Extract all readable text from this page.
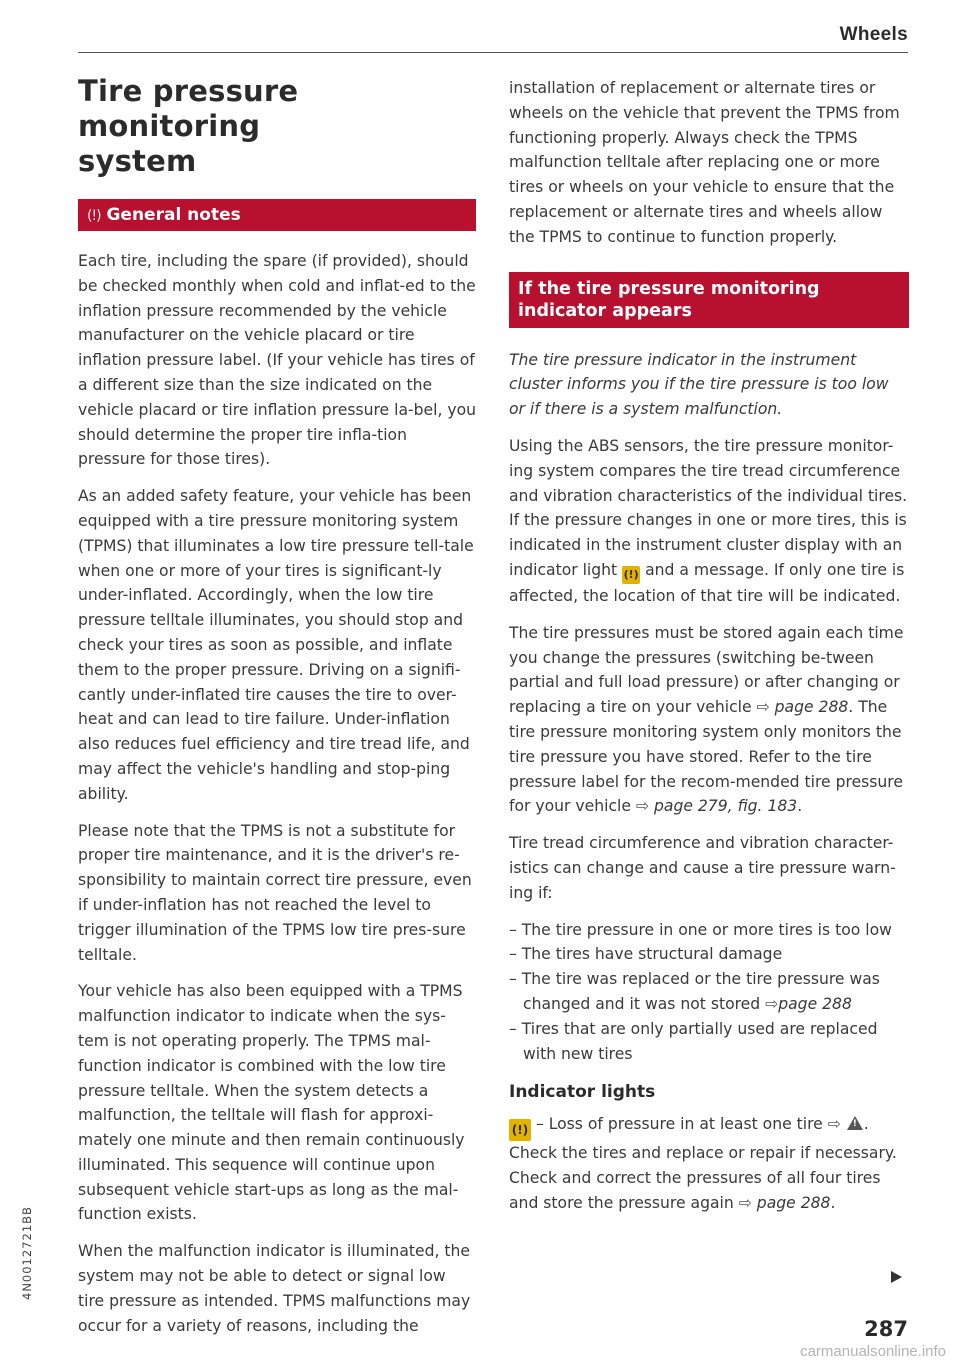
Wheels
Tire pressure monitoring
system
(!) General notes

Each tire, including the spare (if provided), should be checked monthly when cold and inflat-ed to the inflation pressure recommended by the vehicle manufacturer on the vehicle placard or tire inflation pressure label. (If your vehicle has tires of a different size than the size indicated on the vehicle placard or tire inflation pressure la-bel, you should determine the proper tire infla-tion pressure for those tires).

As an added safety feature, your vehicle has been equipped with a tire pressure monitoring system (TPMS) that illuminates a low tire pressure tell-tale when one or more of your tires is significant-ly under-inflated. Accordingly, when the low tire pressure telltale illuminates, you should stop and check your tires as soon as possible, and inflate them to the proper pressure. Driving on a signifi-cantly under-inflated tire causes the tire to over-heat and can lead to tire failure. Under-inflation also reduces fuel efficiency and tire tread life, and may affect the vehicle's handling and stop-ping ability.

Please note that the TPMS is not a substitute for proper tire maintenance, and it is the driver's re-sponsibility to maintain correct tire pressure, even if under-inflation has not reached the level to trigger illumination of the TPMS low tire pres-sure telltale.

Your vehicle has also been equipped with a TPMS malfunction indicator to indicate when the sys-tem is not operating properly. The TPMS mal-function indicator is combined with the low tire pressure telltale. When the system detects a malfunction, the telltale will flash for approxi-mately one minute and then remain continuously illuminated. This sequence will continue upon subsequent vehicle start-ups as long as the mal-function exists.

When the malfunction indicator is illuminated, the system may not be able to detect or signal low tire pressure as intended. TPMS malfunctions may occur for a variety of reasons, including the

installation of replacement or alternate tires or wheels on the vehicle that prevent the TPMS from functioning properly. Always check the TPMS malfunction telltale after replacing one or more tires or wheels on your vehicle to ensure that the replacement or alternate tires and wheels allow the TPMS to continue to function properly.

If the tire pressure monitoring indicator appears

The tire pressure indicator in the instrument cluster informs you if the tire pressure is too low or if there is a system malfunction.

Using the ABS sensors, the tire pressure monitor-ing system compares the tire tread circumference and vibration characteristics of the individual tires. If the pressure changes in one or more tires, this is indicated in the instrument cluster display with an indicator light (!) and a message. If only one tire is affected, the location of that tire will be indicated.

The tire pressures must be stored again each time you change the pressures (switching be-tween partial and full load pressure) or after changing or replacing a tire on your vehicle ⇨ page 288. The tire pressure monitoring system only monitors the tire pressure you have stored. Refer to the tire pressure label for the recom-mended tire pressure for your vehicle ⇨ page 279, fig. 183.

Tire tread circumference and vibration character-istics can change and cause a tire pressure warn-ing if:

– The tire pressure in one or more tires is too low
– The tires have structural damage
– The tire was replaced or the tire pressure was changed and it was not stored ⇨page 288
– Tires that are only partially used are replaced with new tires
Indicator lights

(!) – Loss of pressure in at least one tire ⇨ ! . Check the tires and replace or repair if necessary. Check and correct the pressures of all four tires and store the pressure again ⇨ page 288.

287
4N0012721BB
carmanualsonline.info
